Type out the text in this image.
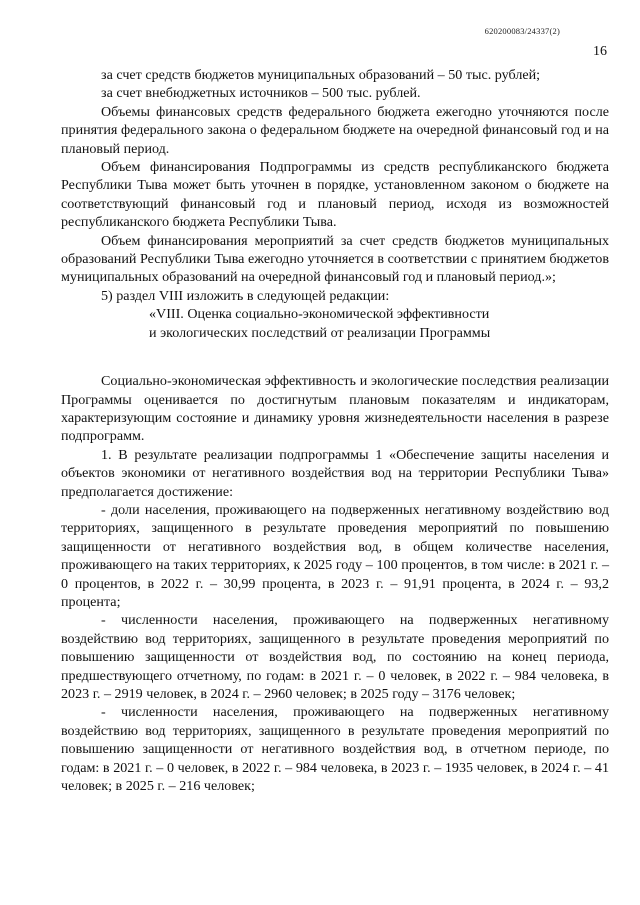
620200083/24337(2)
16

за счет средств бюджетов муниципальных образований – 50 тыс. рублей;

за счет внебюджетных источников – 500 тыс. рублей.

Объемы финансовых средств федерального бюджета ежегодно уточняются после принятия федерального закона о федеральном бюджете на очередной финансовый год и на плановый период.

Объем финансирования Подпрограммы из средств республиканского бюджета Республики Тыва может быть уточнен в порядке, установленном законом о бюджете на соответствующий финансовый год и плановый период, исходя из возможностей республиканского бюджета Республики Тыва.

Объем финансирования мероприятий за счет средств бюджетов муниципальных образований Республики Тыва ежегодно уточняется в соответствии с принятием бюджетов муниципальных образований на очередной финансовый год и плановый период.»;

5) раздел VIII изложить в следующей редакции:

«VIII. Оценка социально-экономической эффективности

и экологических последствий от реализации Программы

Социально-экономическая эффективность и экологические последствия реализации Программы оценивается по достигнутым плановым показателям и индикаторам, характеризующим состояние и динамику уровня жизнедеятельности населения в разрезе подпрограмм.

1. В результате реализации подпрограммы 1 «Обеспечение защиты населения и объектов экономики от негативного воздействия вод на территории Республики Тыва» предполагается достижение:

- доли населения, проживающего на подверженных негативному воздействию вод территориях, защищенного в результате проведения мероприятий по повышению защищенности от негативного воздействия вод, в общем количестве населения, проживающего на таких территориях, к 2025 году – 100 процентов, в том числе: в 2021 г. – 0 процентов, в 2022 г. – 30,99 процента, в 2023 г. – 91,91 процента, в 2024 г. – 93,2 процента;

- численности населения, проживающего на подверженных негативному воздействию вод территориях, защищенного в результате проведения мероприятий по повышению защищенности от воздействия вод, по состоянию на конец периода, предшествующего отчетному, по годам: в 2021 г. – 0 человек, в 2022 г. – 984 человека, в 2023 г. – 2919 человек, в 2024 г. – 2960 человек; в 2025 году – 3176 человек;

- численности населения, проживающего на подверженных негативному воздействию вод территориях, защищенного в результате проведения мероприятий по повышению защищенности от негативного воздействия вод, в отчетном периоде, по годам: в 2021 г. – 0 человек, в 2022 г. – 984 человека, в 2023 г. – 1935 человек, в 2024 г. – 41 человек; в 2025 г. – 216 человек;
